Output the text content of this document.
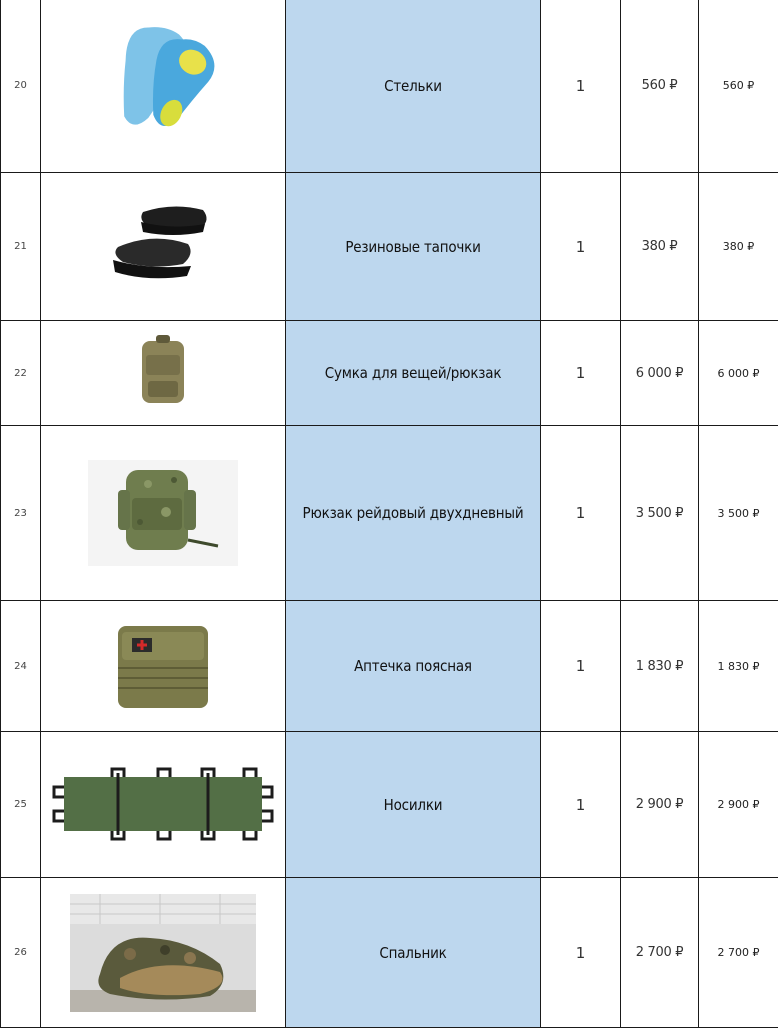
20		Стельки	1	560 ₽	560 ₽
21		Резиновые тапочки	1	380 ₽	380 ₽
22		Сумка для вещей/рюкзак	1	6 000 ₽	6 000 ₽
23		Рюкзак рейдовый двухдневный	1	3 500 ₽	3 500 ₽
24		Аптечка поясная	1	1 830 ₽	1 830 ₽
25		Носилки	1	2 900 ₽	2 900 ₽
26		Спальник	1	2 700 ₽	2 700 ₽
